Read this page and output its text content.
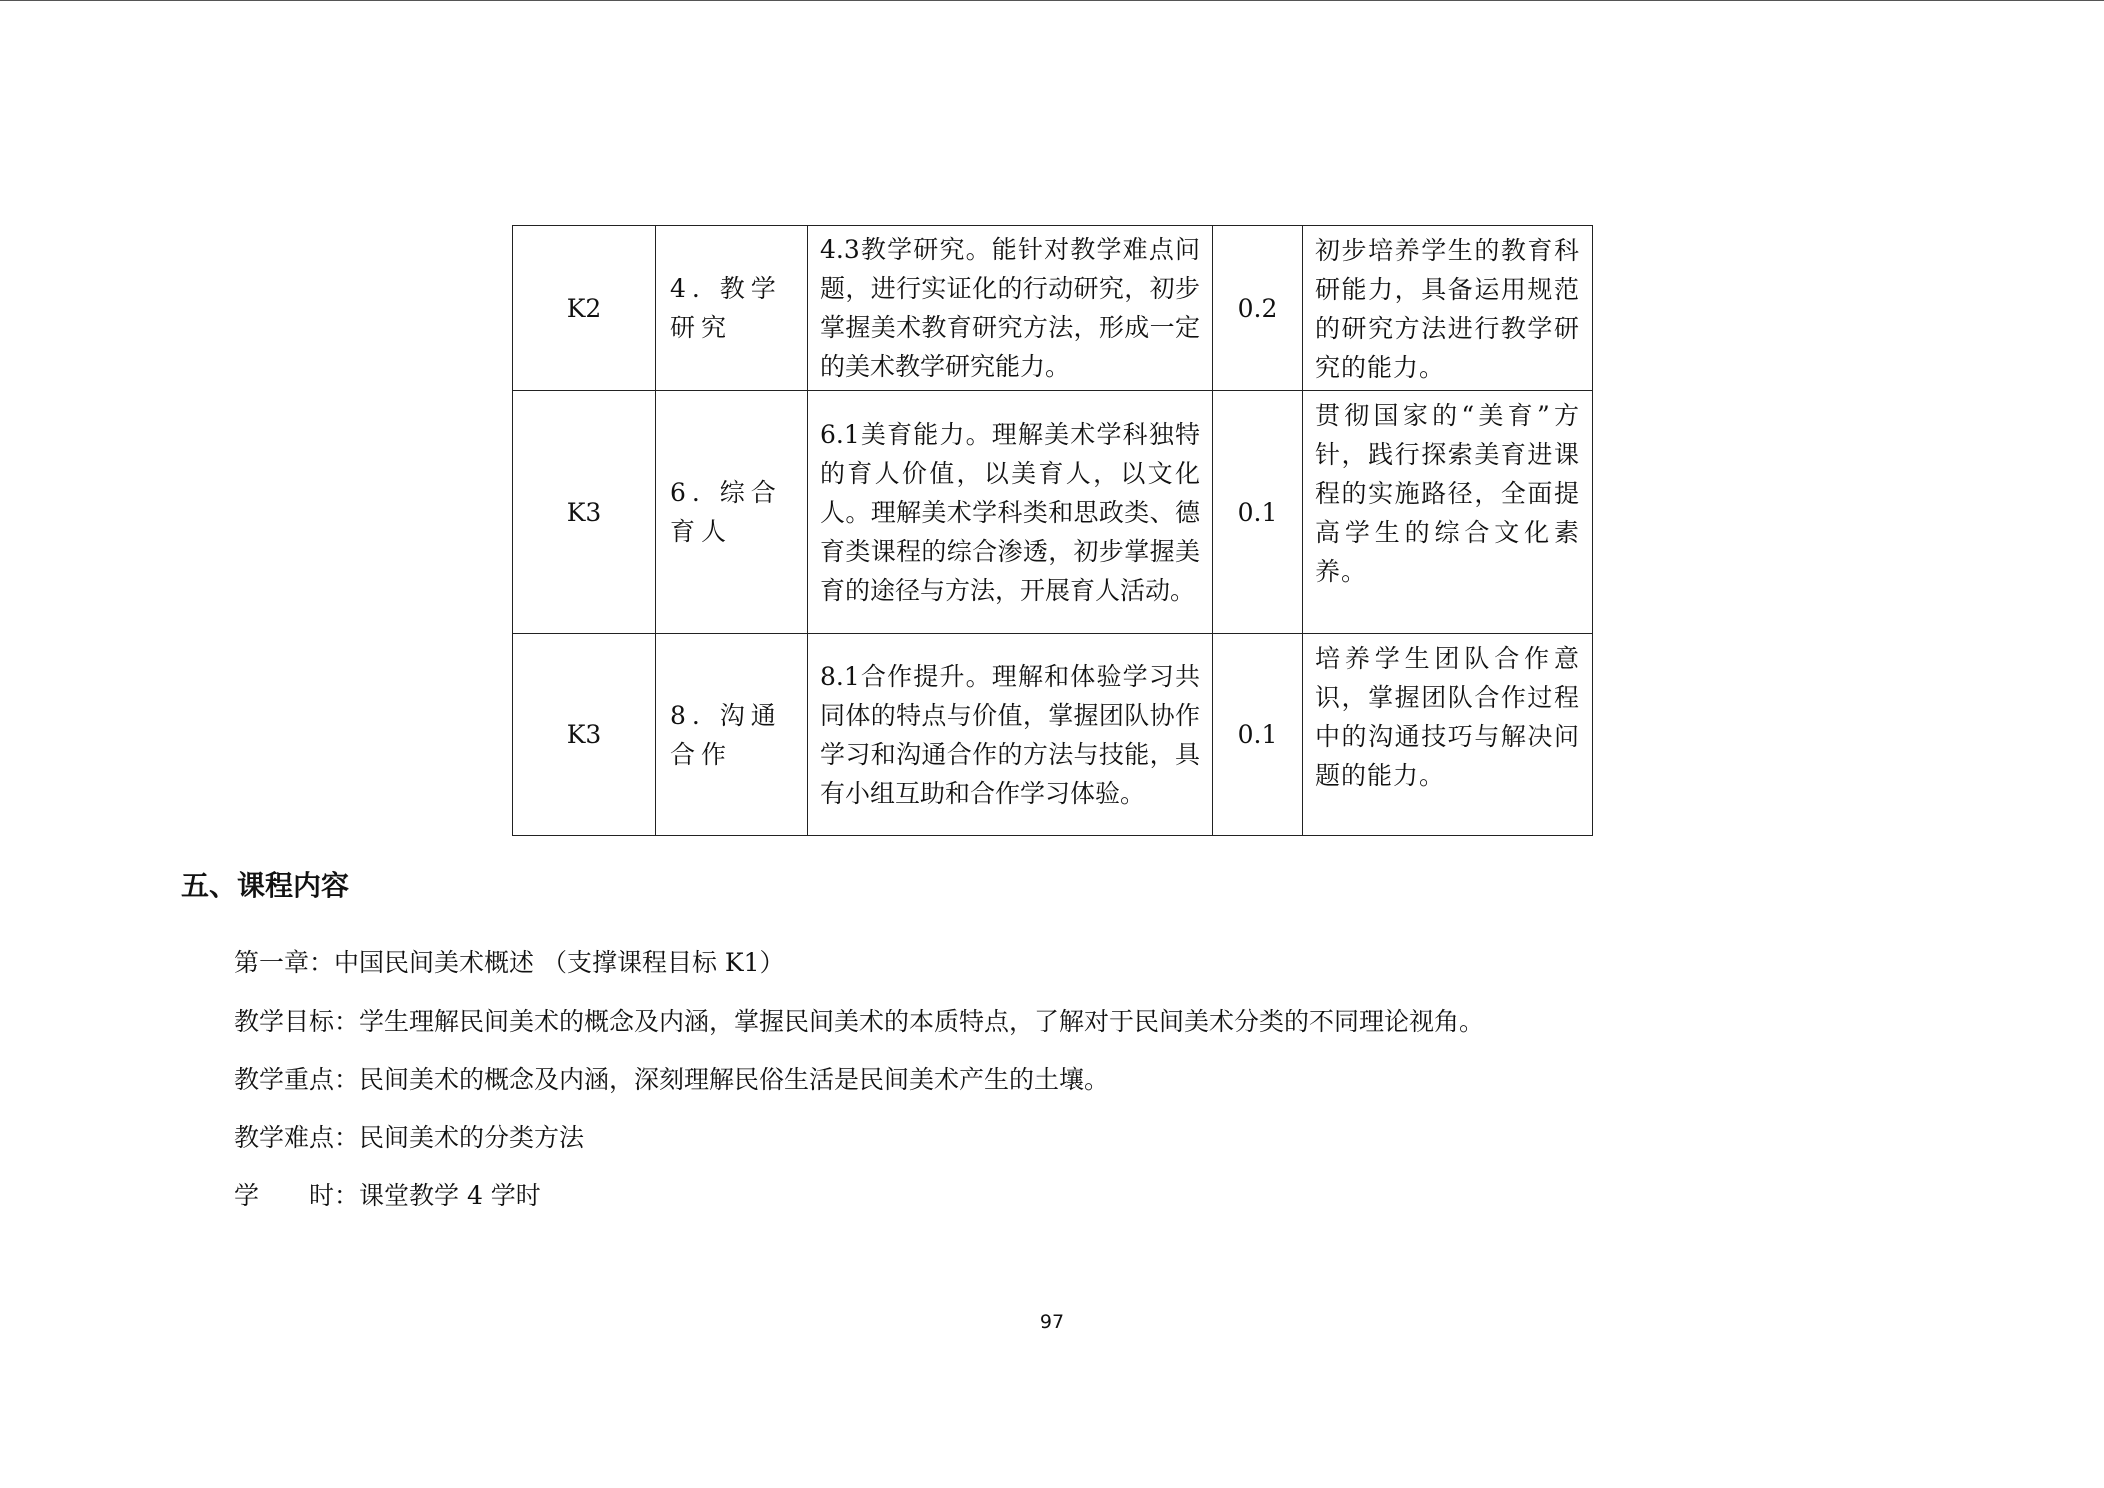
K2	4. 教学研究	4.3教学研究。能针对教学难点问题，进行实证化的行动研究，初步掌握美术教育研究方法，形成一定的美术教学研究能力。	0.2	初步培养学生的教育科研能力，具备运用规范的研究方法进行教学研究的能力。
K3	6. 综合育人	6.1美育能力。理解美术学科独特的育人价值，以美育人，以文化人。理解美术学科类和思政类、德育类课程的综合渗透，初步掌握美育的途径与方法，开展育人活动。	0.1	贯彻国家的“美育”方针，践行探索美育进课程的实施路径，全面提高学生的综合文化素养。
K3	8. 沟通合作	8.1合作提升。理解和体验学习共同体的特点与价值，掌握团队协作学习和沟通合作的方法与技能，具有小组互助和合作学习体验。	0.1	培养学生团队合作意识，掌握团队合作过程中的沟通技巧与解决问题的能力。
五、课程内容

第一章：中国民间美术概述 （支撑课程目标 K1）

教学目标：学生理解民间美术的概念及内涵，掌握民间美术的本质特点，了解对于民间美术分类的不同理论视角。

教学重点：民间美术的概念及内涵，深刻理解民俗生活是民间美术产生的土壤。

教学难点：民间美术的分类方法

学　　时：课堂教学 4 学时

97
